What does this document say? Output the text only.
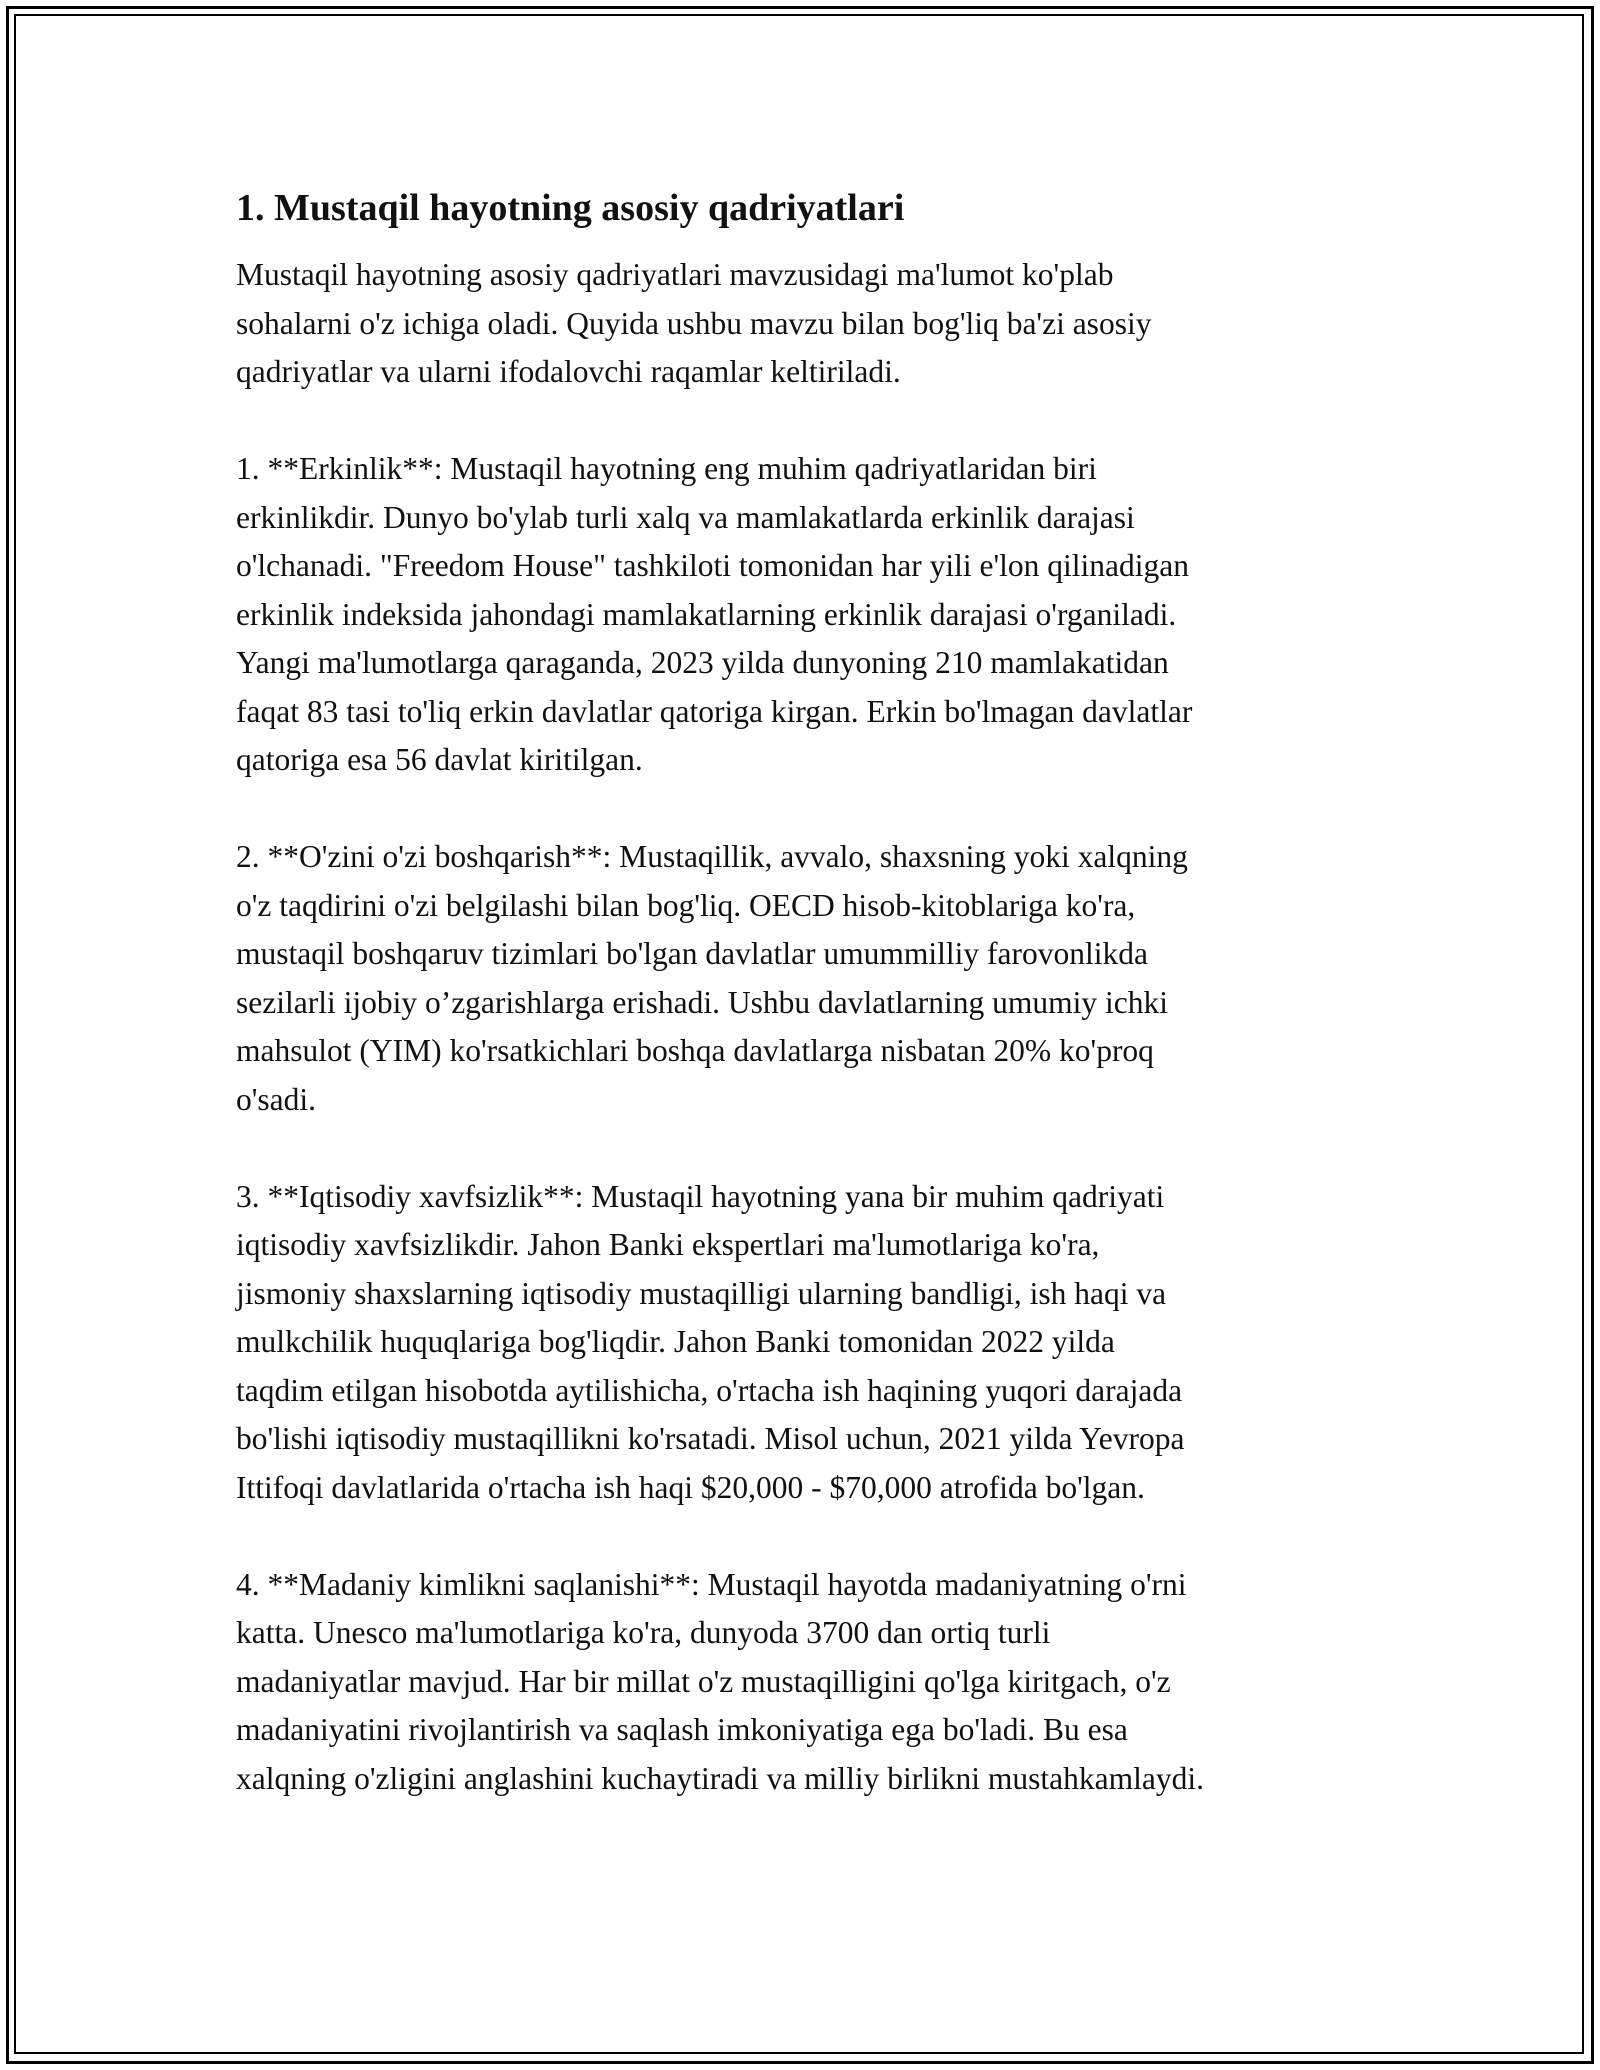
1. Mustaqil hayotning asosiy qadriyatlari

Mustaqil hayotning asosiy qadriyatlari mavzusidagi ma'lumot ko'plab
sohalarni o'z ichiga oladi. Quyida ushbu mavzu bilan bog'liq ba'zi asosiy
qadriyatlar va ularni ifodalovchi raqamlar keltiriladi.

1. **Erkinlik**: Mustaqil hayotning eng muhim qadriyatlaridan biri
erkinlikdir. Dunyo bo'ylab turli xalq va mamlakatlarda erkinlik darajasi
o'lchanadi. "Freedom House" tashkiloti tomonidan har yili e'lon qilinadigan
erkinlik indeksida jahondagi mamlakatlarning erkinlik darajasi o'rganiladi.
Yangi ma'lumotlarga qaraganda, 2023 yilda dunyoning 210 mamlakatidan
faqat 83 tasi to'liq erkin davlatlar qatoriga kirgan. Erkin bo'lmagan davlatlar
qatoriga esa 56 davlat kiritilgan.

2. **O'zini o'zi boshqarish**: Mustaqillik, avvalo, shaxsning yoki xalqning
o'z taqdirini o'zi belgilashi bilan bog'liq. OECD hisob-kitoblariga ko'ra,
mustaqil boshqaruv tizimlari bo'lgan davlatlar umummilliy farovonlikda
sezilarli ijobiy o’zgarishlarga erishadi. Ushbu davlatlarning umumiy ichki
mahsulot (YIM) ko'rsatkichlari boshqa davlatlarga nisbatan 20% ko'proq
o'sadi.

3. **Iqtisodiy xavfsizlik**: Mustaqil hayotning yana bir muhim qadriyati
iqtisodiy xavfsizlikdir. Jahon Banki ekspertlari ma'lumotlariga ko'ra,
jismoniy shaxslarning iqtisodiy mustaqilligi ularning bandligi, ish haqi va
mulkchilik huquqlariga bog'liqdir. Jahon Banki tomonidan 2022 yilda
taqdim etilgan hisobotda aytilishicha, o'rtacha ish haqining yuqori darajada
bo'lishi iqtisodiy mustaqillikni ko'rsatadi. Misol uchun, 2021 yilda Yevropa
Ittifoqi davlatlarida o'rtacha ish haqi $20,000 - $70,000 atrofida bo'lgan.

4. **Madaniy kimlikni saqlanishi**: Mustaqil hayotda madaniyatning o'rni
katta. Unesco ma'lumotlariga ko'ra, dunyoda 3700 dan ortiq turli
madaniyatlar mavjud. Har bir millat o'z mustaqilligini qo'lga kiritgach, o'z
madaniyatini rivojlantirish va saqlash imkoniyatiga ega bo'ladi. Bu esa
xalqning o'zligini anglashini kuchaytiradi va milliy birlikni mustahkamlaydi.
